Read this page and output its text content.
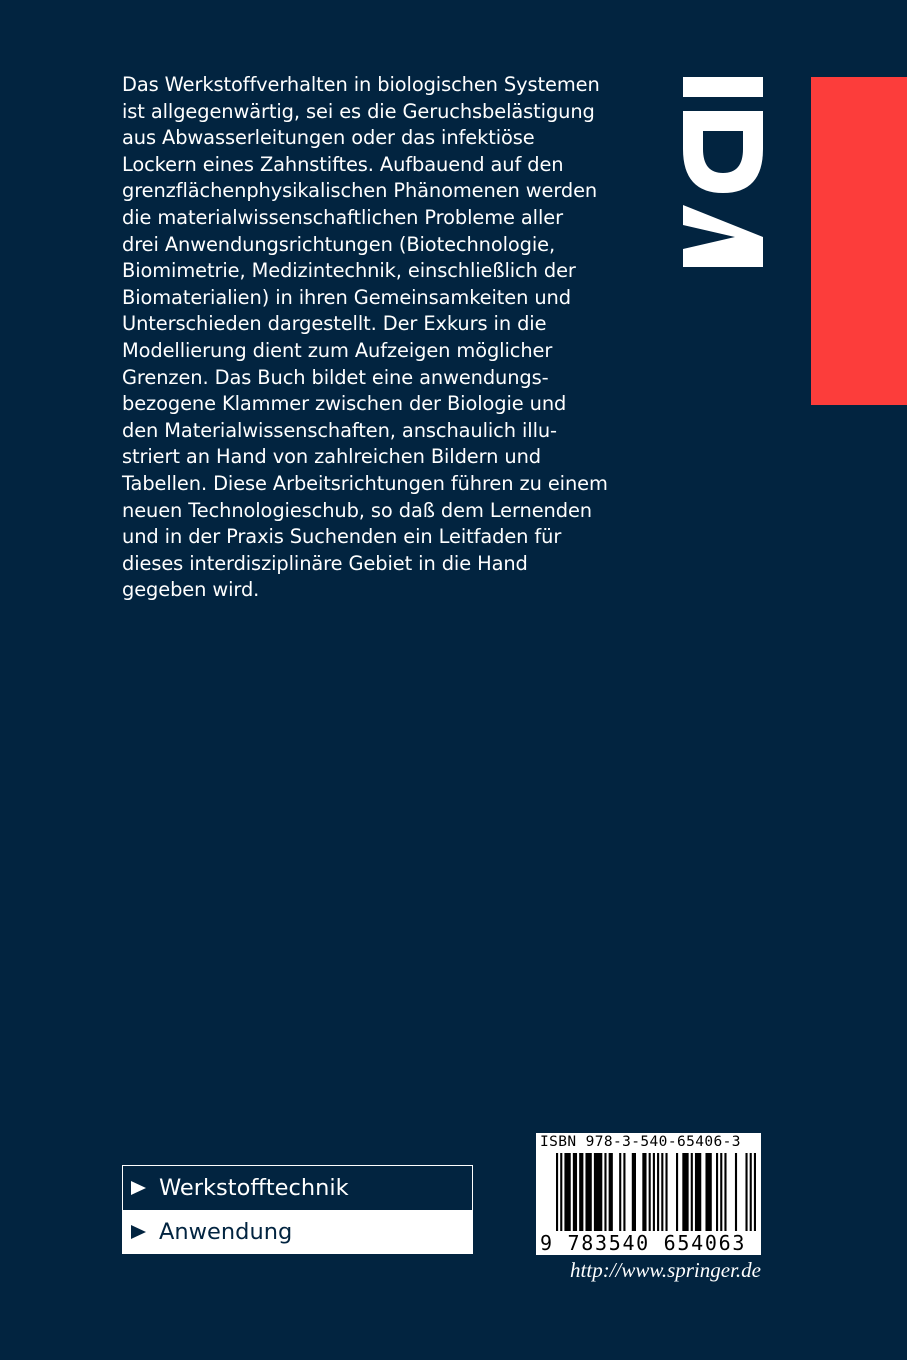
Das Werkstoffverhalten in biologischen Systemen
ist allgegenwärtig, sei es die Geruchsbelästigung
aus Abwasserleitungen oder das infektiöse
Lockern eines Zahnstiftes. Aufbauend auf den
grenzflächenphysikalischen Phänomenen werden
die materialwissenschaftlichen Probleme aller
drei Anwendungsrichtungen (Biotechnologie,
Biomimetrie, Medizintechnik, einschließlich der
Biomaterialien) in ihren Gemeinsamkeiten und
Unterschieden dargestellt. Der Exkurs in die
Modellierung dient zum Aufzeigen möglicher
Grenzen. Das Buch bildet eine anwendungs-
bezogene Klammer zwischen der Biologie und
den Materialwissenschaften, anschaulich illu-
striert an Hand von zahlreichen Bildern und
Tabellen. Diese Arbeitsrichtungen führen zu einem
neuen Technologieschub, so daß dem Lernenden
und in der Praxis Suchenden ein Leitfaden für
dieses interdisziplinäre Gebiet in die Hand
gegeben wird.

Werkstofftechnik
Anwendung
ISBN 978-3-540-65406-3
9 783540 654063
http://www.springer.de
